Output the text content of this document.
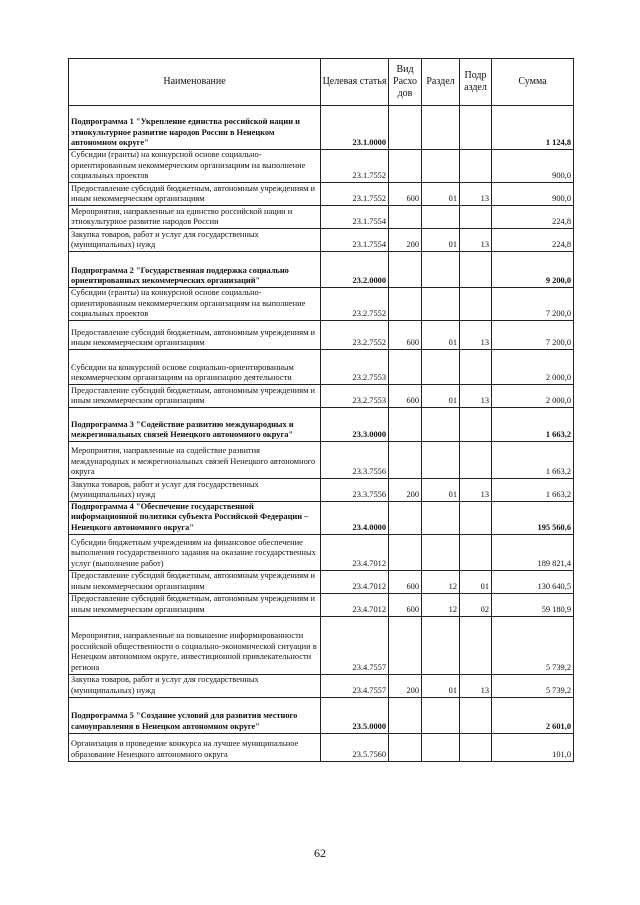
Наименование	Целевая статья	Вид Расхо дов	Раздел	Подр аздел	Сумма
Подпрограмма 1 "Укрепление единства российской нации и этнокультурное развитие народов России в Ненецком автономном округе"	23.1.0000				1 124,8
Субсидии (гранты) на конкурсной основе социально-ориентированным некоммерческим организациям на выполнение социальных проектов	23.1.7552				900,0
Предоставление субсидий бюджетным, автономным учреждениям и иным некоммерческим организациям	23.1.7552	600	01	13	900,0
Мероприятия, направленные на единство российской нации и этнокультурное развитие народов России	23.1.7554				224,8
Закупка товаров, работ и услуг для государственных (муниципальных) нужд	23.1.7554	200	01	13	224,8
Подпрограмма 2 "Государственная поддержка социально ориентированных некоммерческих организаций"	23.2.0000				9 200,0
Субсидии (гранты) на конкурсной основе социально-ориентированным некоммерческим организациям на выполнение социальных проектов	23.2.7552				7 200,0
Предоставление субсидий бюджетным, автономным учреждениям и иным некоммерческим организациям	23.2.7552	600	01	13	7 200,0
Субсидии на конкурсной основе социально-ориентированным некоммерческим организациям на организацию деятельности	23.2.7553				2 000,0
Предоставление субсидий бюджетным, автономным учреждениям и иным некоммерческим организациям	23.2.7553	600	01	13	2 000,0
Подпрограмма 3 "Содействие развитию международных и межрегиональных связей Ненецкого автономного округа"	23.3.0000				1 663,2
Мероприятия, направленные на содействие развития международных и межрегиональных связей Ненецкого автономного округа	23.3.7556				1 663,2
Закупка товаров, работ и услуг для государственных (муниципальных) нужд	23.3.7556	200	01	13	1 663,2
Подпрограмма 4 "Обеспечение государственной информационной политики субъекта Российской Федерации – Ненецкого автономного округа"	23.4.0000				195 560,6
Субсидии бюджетным учреждениям на финансовое обеспечение выполнения государственного задания на оказание государственных услуг (выполнение работ)	23.4.7012				189 821,4
Предоставление субсидий бюджетным, автономным учреждениям и иным некоммерческим организациям	23.4.7012	600	12	01	130 640,5
Предоставление субсидий бюджетным, автономным учреждениям и иным некоммерческим организациям	23.4.7012	600	12	02	59 180,9
Мероприятия, направленные на повышение информированности российской общественности о социально-экономической ситуации в Ненецком автономном округе, инвестиционной привлекательности региона	23.4.7557				5 739,2
Закупка товаров, работ и услуг для государственных (муниципальных) нужд	23.4.7557	200	01	13	5 739,2
Подпрограмма 5 "Создание условий для развития местного самоуправления в Ненецком автономном округе"	23.5.0000				2 601,0
Организация и проведение конкурса на лучшее муниципальное образование Ненецкого автономного округа	23.5.7560				101,0
62
